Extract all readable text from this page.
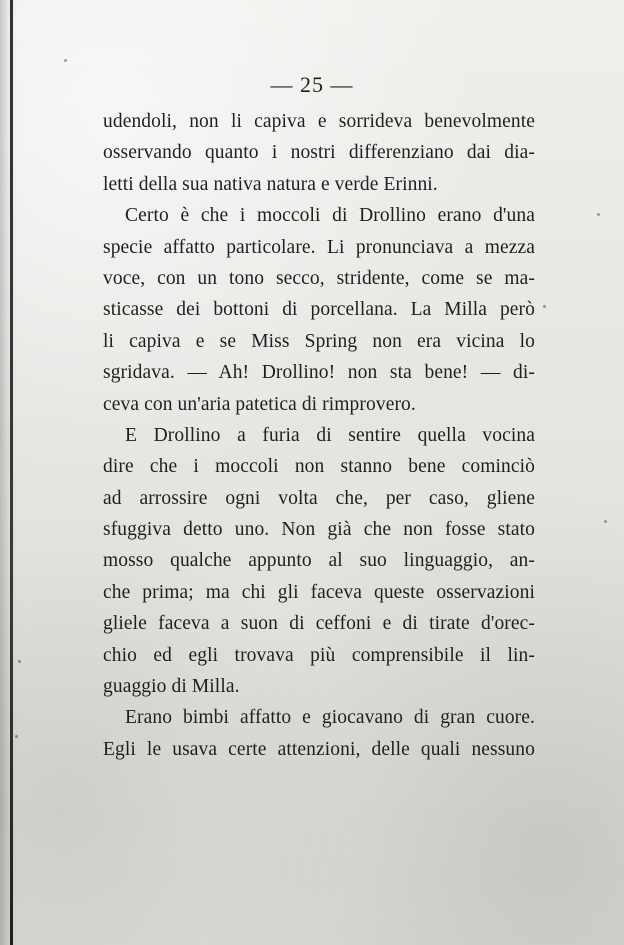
— 25 —
udendoli, non li capiva e sorrideva benevolmente
osservando quanto i nostri differenziano dai dia-
letti della sua nativa natura e verde Erinni.
Certo è che i moccoli di Drollino erano d'una
specie affatto particolare. Li pronunciava a mezza
voce, con un tono secco, stridente, come se ma-
sticasse dei bottoni di porcellana. La Milla però
li capiva e se Miss Spring non era vicina lo
sgridava. — Ah! Drollino! non sta bene! — di-
ceva con un'aria patetica di rimprovero.
E Drollino a furia di sentire quella vocina
dire che i moccoli non stanno bene cominciò
ad arrossire ogni volta che, per caso, gliene
sfuggiva detto uno. Non già che non fosse stato
mosso qualche appunto al suo linguaggio, an-
che prima; ma chi gli faceva queste osservazioni
gliele faceva a suon di ceffoni e di tirate d'orec-
chio ed egli trovava più comprensibile il lin-
guaggio di Milla.
Erano bimbi affatto e giocavano di gran cuore.
Egli le usava certe attenzioni, delle quali nessuno
